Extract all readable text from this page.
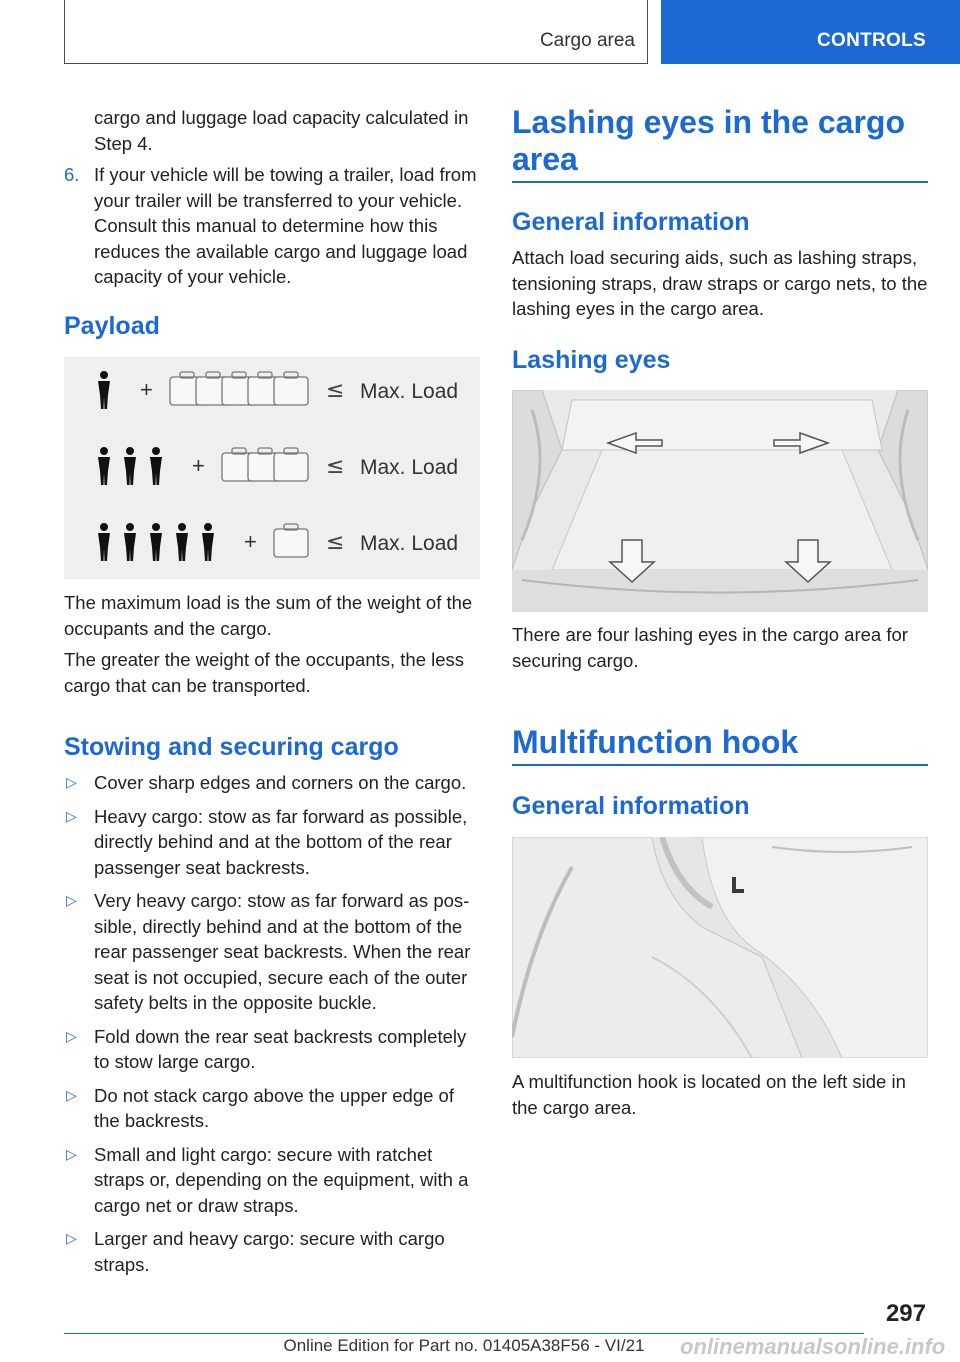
Cargo area	CONTROLS

cargo and luggage load capacity calculated in Step 4.

6. If your vehicle will be towing a trailer, load from your trailer will be transferred to your vehicle. Consult this manual to determine how this reduces the available cargo and luggage load capacity of your vehicle.

Payload
+	≤ Max. Load
+	≤ Max. Load
+	≤ Max. Load

The maximum load is the sum of the weight of the occupants and the cargo.

The greater the weight of the occupants, the less cargo that can be transported.

Stowing and securing cargo
▷ Cover sharp edges and corners on the cargo.

▷ Heavy cargo: stow as far forward as possible, directly behind and at the bottom of the rear passenger seat backrests.

▷ Very heavy cargo: stow as far forward as possible, directly behind and at the bottom of the rear passenger seat backrests. When the rear seat is not occupied, secure each of the outer safety belts in the opposite buckle.

▷ Fold down the rear seat backrests completely to stow large cargo.

▷ Do not stack cargo above the upper edge of the backrests.

▷ Small and light cargo: secure with ratchet straps or, depending on the equipment, with a cargo net or draw straps.

▷ Larger and heavy cargo: secure with cargo straps.

Lashing eyes in the cargo area
General information

Attach load securing aids, such as lashing straps, tensioning straps, draw straps or cargo nets, to the lashing eyes in the cargo area.

Lashing eyes

There are four lashing eyes in the cargo area for securing cargo.

Multifunction hook
General information

A multifunction hook is located on the left side in the cargo area.

297
Online Edition for Part no. 01405A38F56 - VI/21	onlinemanualsonline.info
